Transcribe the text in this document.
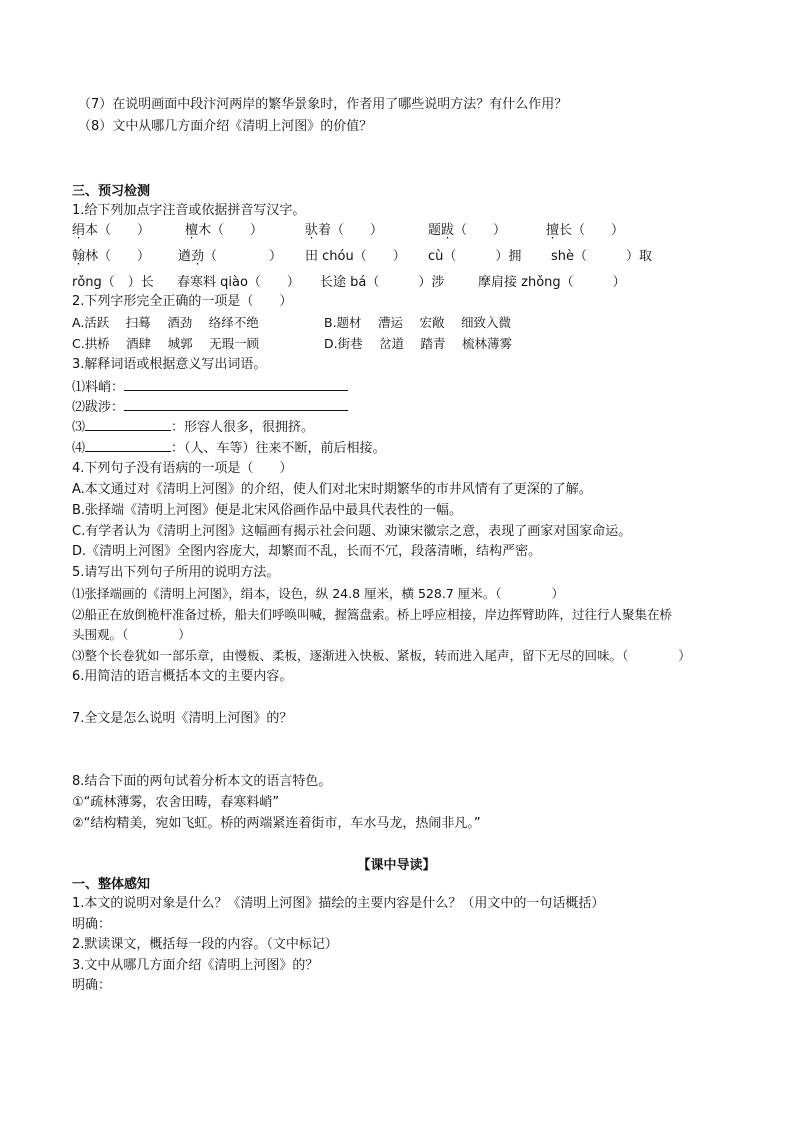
（7）在说明画面中段汴河两岸的繁华景象时，作者用了哪些说明方法？有什么作用？
（8）文中从哪几方面介绍《清明上河图》的价值？
三、预习检测
1.给下列加点字注音或依据拼音写汉字。
绢本（　　）	檀木（　　）	驮着（　　）	题跋（　　）	擅长（　　）
翰林（　　） 遒劲（　　　　） 田 chóu（　　） cù（　　　）拥 shè（　　　）取
rǒng（　）长 春寒料 qiào（　　） 长途 bá（　　　）涉	摩肩接 zhǒng（　　　）
2.下列字形完全正确的一项是（　　）
A.活跃　 扫蓦　 酒劲　 络绎不绝	B.题材　 漕运　 宏敞　 细致入微
C.拱桥　 酒肆　 城郭　 无瑕一顾	D.街巷　 岔道　 踏青　 梳林薄雾
3.解释词语或根据意义写出词语。
⑴料峭：
⑵跋涉：
⑶	：形容人很多，很拥挤。
⑷	：（人、车等）往来不断，前后相接。
4.下列句子没有语病的一项是（　　）
A.本文通过对《清明上河图》的介绍，使人们对北宋时期繁华的市井风情有了更深的了解。
B.张择端《清明上河图》便是北宋风俗画作品中最具代表性的一幅。
C.有学者认为《清明上河图》这幅画有揭示社会问题、劝谏宋徽宗之意，表现了画家对国家命运。
D.《清明上河图》全图内容庞大，却繁而不乱，长而不冗，段落清晰，结构严密。
5.请写出下列句子所用的说明方法。
⑴张择端画的《清明上河图》，绢本，设色，纵 24.8 厘米，横 528.7 厘米。（　　　　）
⑵船正在放倒桅杆准备过桥，船夫们呼唤叫喊，握篙盘索。桥上呼应相接，岸边挥臂助阵，过往行人聚集在桥
头围观。（　　　　）
⑶整个长卷犹如一部乐章，由慢板、柔板，逐渐进入快板、紧板，转而进入尾声，留下无尽的回味。（　　　　）
6.用简洁的语言概括本文的主要内容。
7.全文是怎么说明《清明上河图》的？
8.结合下面的两句试着分析本文的语言特色。
①“疏林薄雾，农舍田畴，春寒料峭”
②“结构精美，宛如飞虹。桥的两端紧连着街市，车水马龙，热闹非凡。”
【课中导读】
一、整体感知
1.本文的说明对象是什么？《清明上河图》描绘的主要内容是什么？（用文中的一句话概括）
明确：
2.默读课文，概括每一段的内容。（文中标记）
3.文中从哪几方面介绍《清明上河图》的？
明确：
